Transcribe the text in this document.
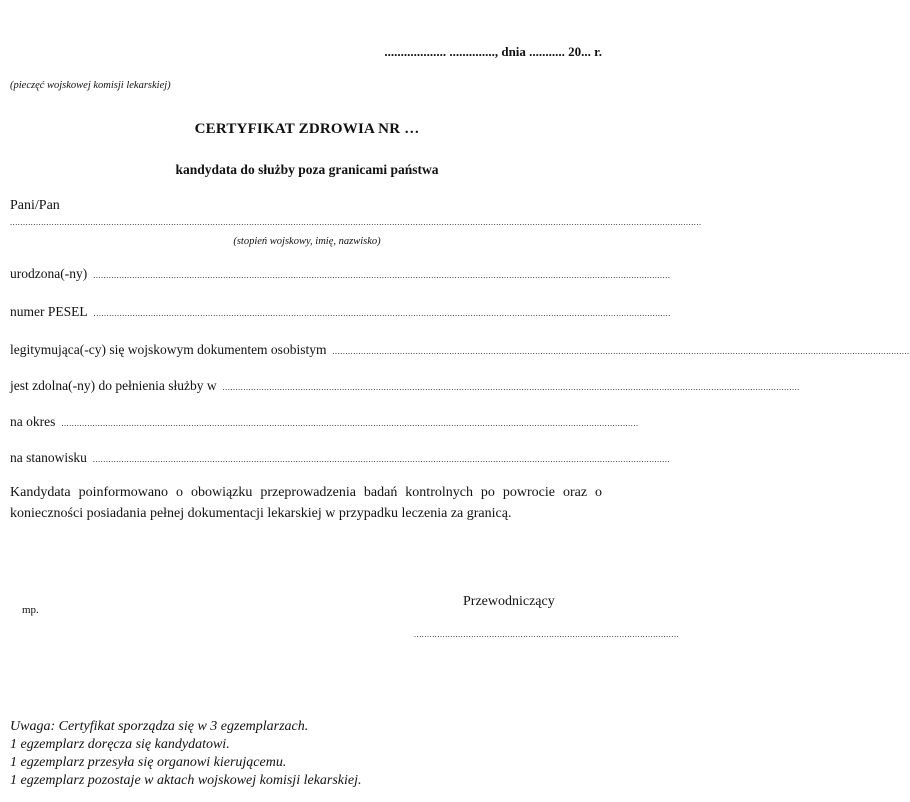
................... .............., dnia ........... 20... r.
(pieczęć wojskowej komisji lekarskiej)
CERTYFIKAT ZDROWIA NR …
kandydata do służby poza granicami państwa
Pani/Pan
..........................................................................................................................................................................................................................................................................
(stopień wojskowy, imię, nazwisko)
urodzona(-ny) ..............................................................................................................................................................................................................................
numer PESEL ..............................................................................................................................................................................................................................
legitymująca(-cy) się wojskowym dokumentem osobistym ..............................................................................................................................................................................................................................
jest zdolna(-ny) do pełnienia służby w ..............................................................................................................................................................................................................................
na okres ..............................................................................................................................................................................................................................
na stanowisku ..............................................................................................................................................................................................................................
Kandydata poinformowano o obowiązku przeprowadzenia badań kontrolnych po powrocie oraz o konieczności posiadania pełnej dokumentacji lekarskiej w przypadku leczenia za granicą.
mp.
Przewodniczący
......................................................................................................
Uwaga: Certyfikat sporządza się w 3 egzemplarzach.
1 egzemplarz doręcza się kandydatowi.
1 egzemplarz przesyła się organowi kierującemu.
1 egzemplarz pozostaje w aktach wojskowej komisji lekarskiej.
